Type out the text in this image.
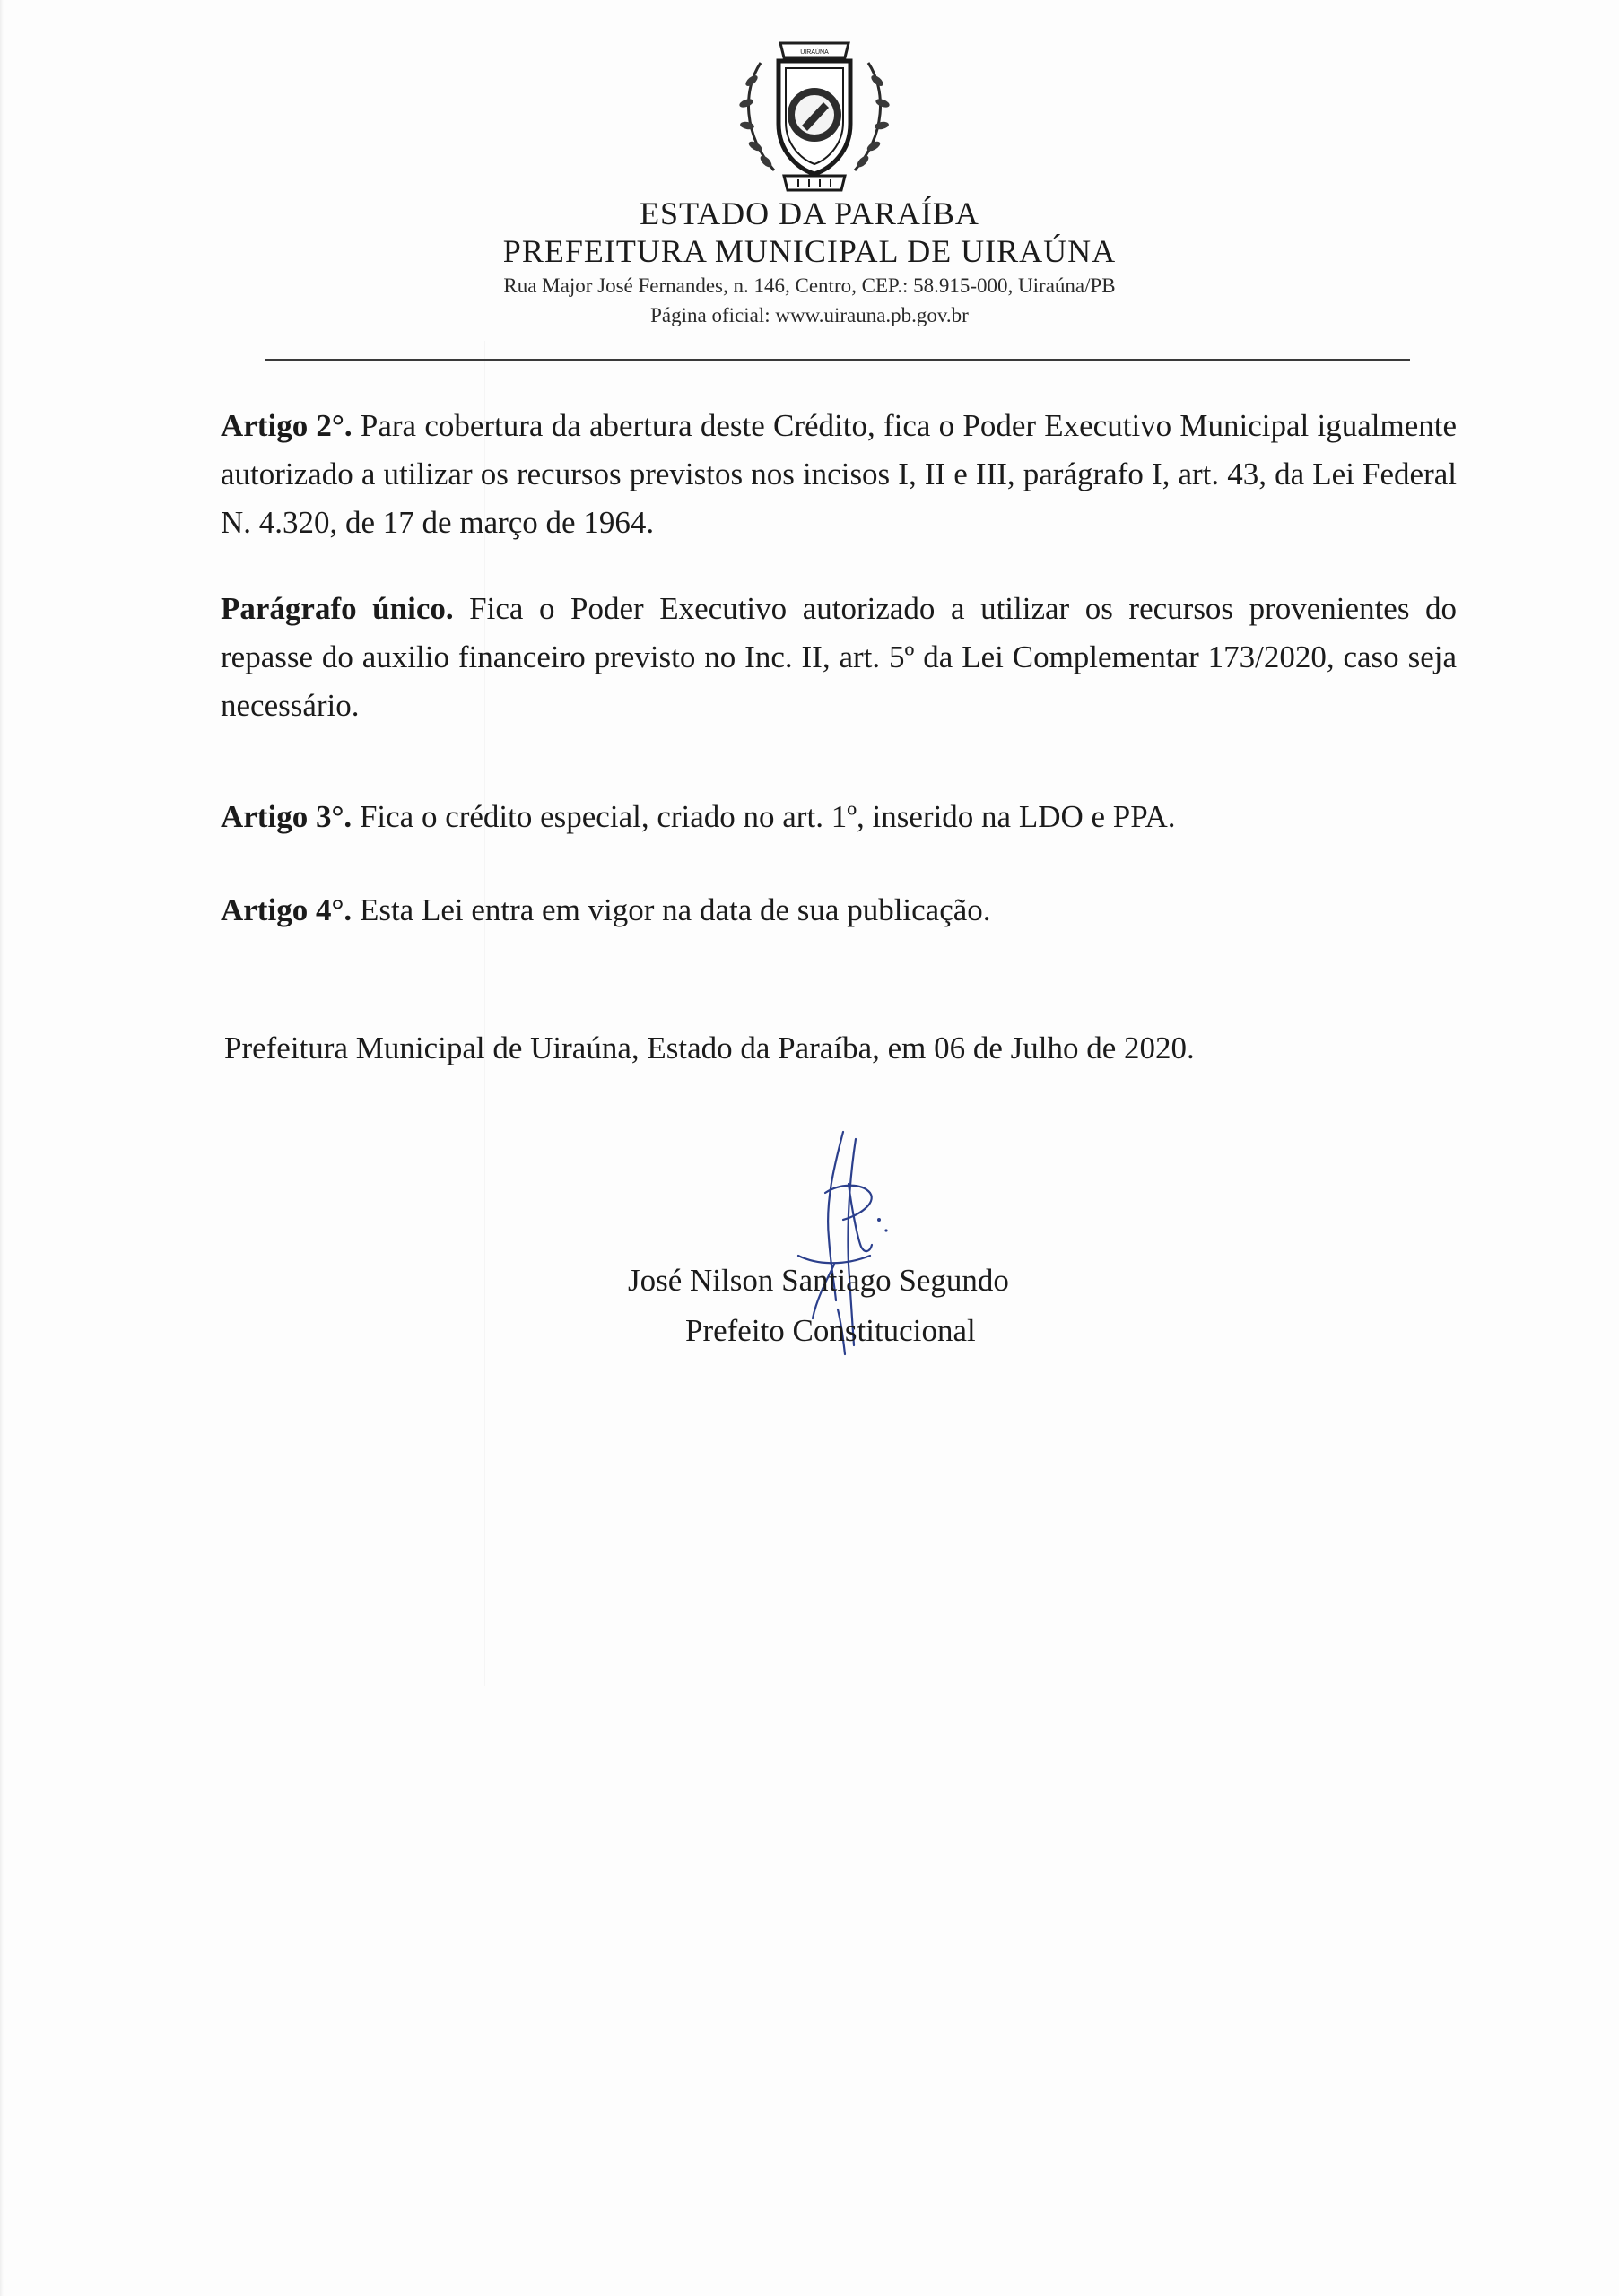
UIRAÚNA
ESTADO DA PARAÍBA
PREFEITURA MUNICIPAL DE UIRAÚNA
Rua Major José Fernandes, n. 146, Centro, CEP.: 58.915-000, Uiraúna/PB
Página oficial: www.uirauna.pb.gov.br
Artigo 2°. Para cobertura da abertura deste Crédito, fica o Poder Executivo Municipal igualmente autorizado a utilizar os recursos previstos nos incisos I, II e III, parágrafo I, art. 43, da Lei Federal N. 4.320, de 17 de março de 1964.
Parágrafo único. Fica o Poder Executivo autorizado a utilizar os recursos provenientes do repasse do auxilio financeiro previsto no Inc. II, art. 5º da Lei Complementar 173/2020, caso seja necessário.
Artigo 3°. Fica o crédito especial, criado no art. 1º, inserido na LDO e PPA.
Artigo 4°. Esta Lei entra em vigor na data de sua publicação.
Prefeitura Municipal de Uiraúna, Estado da Paraíba, em 06 de Julho de 2020.
José Nilson Santiago Segundo
Prefeito Constitucional
